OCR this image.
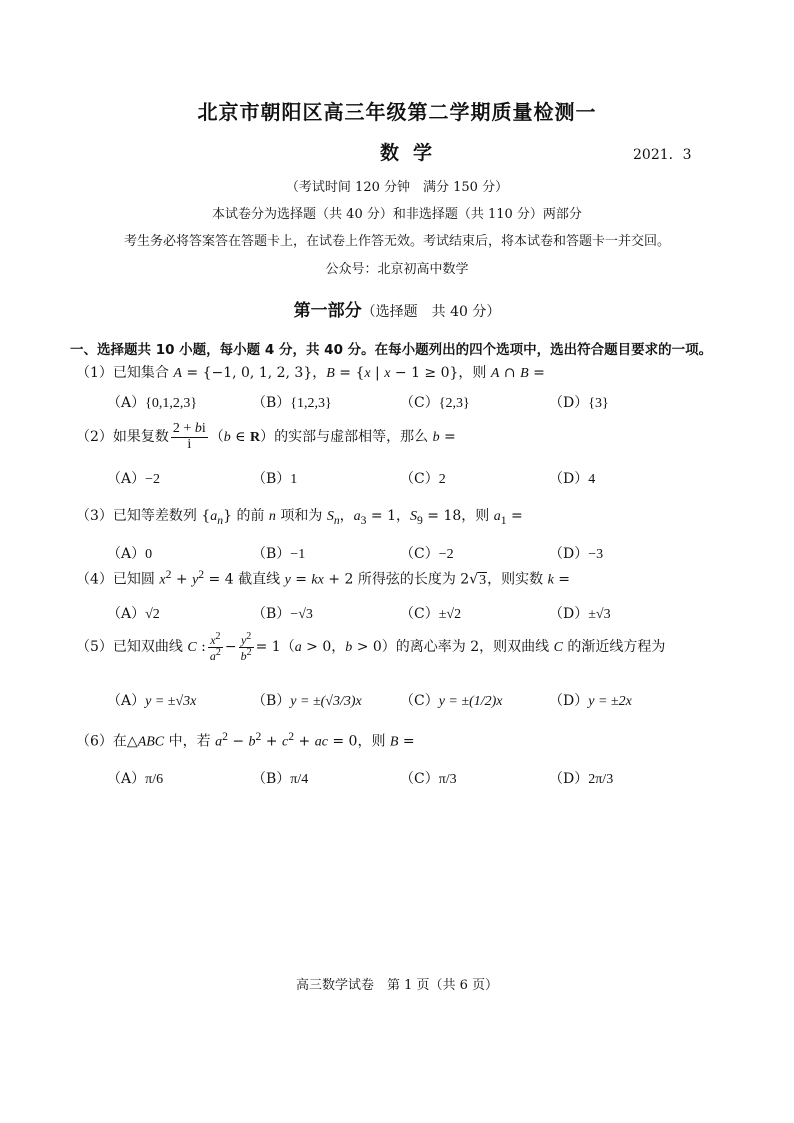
北京市朝阳区高三年级第二学期质量检测一
数学	2021．3
（考试时间 120 分钟　满分 150 分）
本试卷分为选择题（共 40 分）和非选择题（共 110 分）两部分
考生务必将答案答在答题卡上，在试卷上作答无效。考试结束后，将本试卷和答题卡一并交回。
公众号：北京初高中数学
第一部分（选择题　共 40 分）
一、选择题共 10 小题，每小题 4 分，共 40 分。在每小题列出的四个选项中，选出符合题目要求的一项。
（1）已知集合 A = {−1, 0, 1, 2, 3}，B = {x | x − 1 ≥ 0}，则 A ∩ B =
（A）{0,1,2,3}	（B）{1,2,3}	（C）{2,3}	（D）{3}
（2）如果复数 $\frac{2 + bi}{i} (b$ ∈ R）的实部与虚部相等，那么 b =
（A）−2	（B）1	（C）2	（D）4
（3）已知等差数列 $\{a_n\}$ 的前 n 项和为 $S_n$，$a_3 = 1$，$S_9 = 18$，则 $a_1$ =
（A）0	（B）−1	（C）−2	（D）−3
（4）已知圆 $x^2 + y^2 = 4$ 截直线 y = kx + 2 所得弦的长度为 2√3，则实数 k =
（A）√2	（B）−√3	（C）±√2	（D）±√3
（5）已知双曲线 C : $\frac{x^2}{a^2} - \frac{y^2}{b^2} = 1(a > 0$，b > 0）的离心率为 2，则双曲线 C 的渐近线方程为
（A）y = ±√3x	（B）y = ±(√3/3)x	（C）y = ±(1/2)x	（D）y = ±2x
（6）在△ABC 中，若 $a^2 - b^2 + c^2$ + ac = 0，则 B =
（A）π/6	（B）π/4	（C）π/3	（D）2π/3
高三数学试卷　第 1 页（共 6 页）
